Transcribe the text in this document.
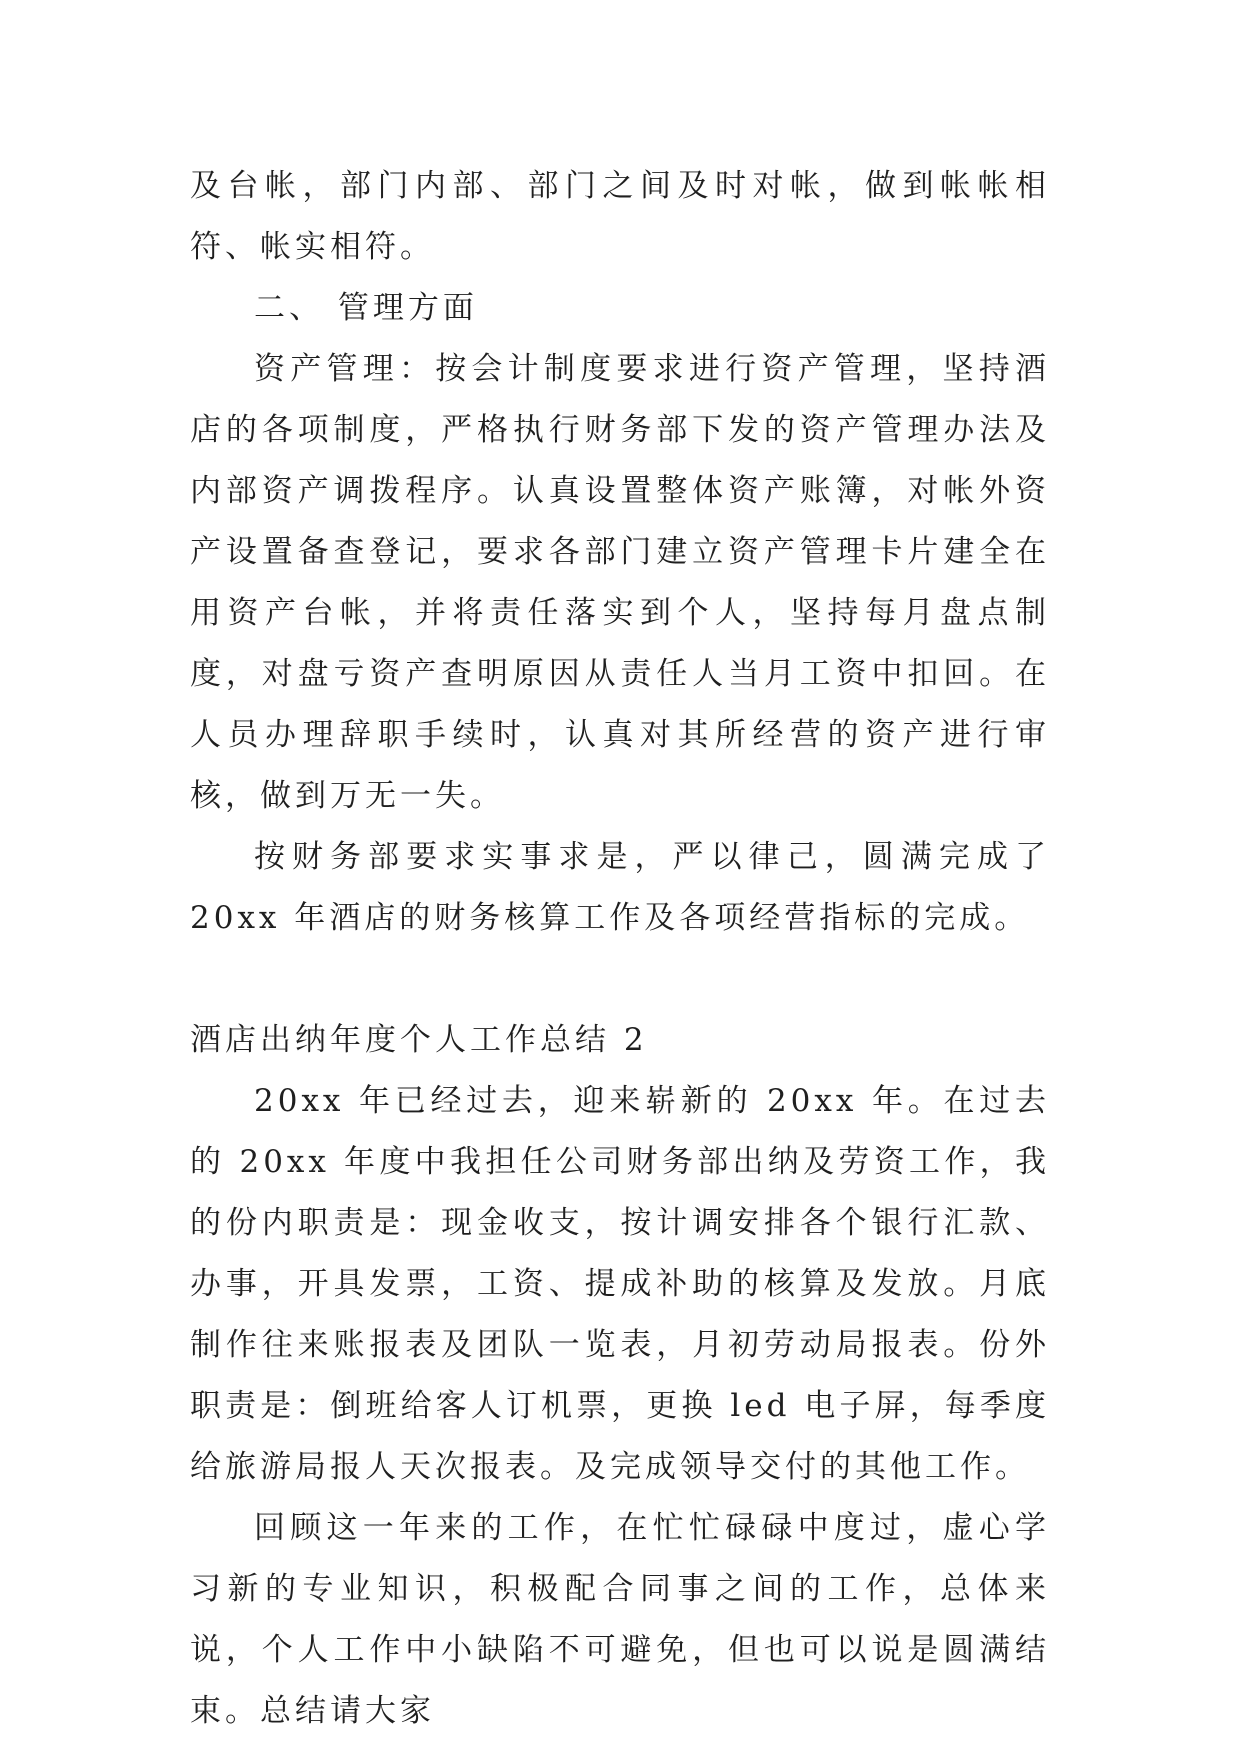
及台帐，部门内部、部门之间及时对帐，做到帐帐相符、帐实相符。

二、 管理方面

资产管理：按会计制度要求进行资产管理，坚持酒店的各项制度，严格执行财务部下发的资产管理办法及内部资产调拨程序。认真设置整体资产账簿，对帐外资产设置备查登记，要求各部门建立资产管理卡片建全在用资产台帐，并将责任落实到个人，坚持每月盘点制度，对盘亏资产查明原因从责任人当月工资中扣回。在人员办理辞职手续时，认真对其所经营的资产进行审核，做到万无一失。

按财务部要求实事求是，严以律己，圆满完成了 20xx 年酒店的财务核算工作及各项经营指标的完成。

酒店出纳年度个人工作总结 2

20xx 年已经过去，迎来崭新的 20xx 年。在过去的 20xx 年度中我担任公司财务部出纳及劳资工作，我的份内职责是：现金收支，按计调安排各个银行汇款、办事，开具发票，工资、提成补助的核算及发放。月底制作往来账报表及团队一览表，月初劳动局报表。份外职责是：倒班给客人订机票，更换 led 电子屏，每季度给旅游局报人天次报表。及完成领导交付的其他工作。

回顾这一年来的工作，在忙忙碌碌中度过，虚心学习新的专业知识，积极配合同事之间的工作，总体来说，个人工作中小缺陷不可避免，但也可以说是圆满结束。总结请大家
